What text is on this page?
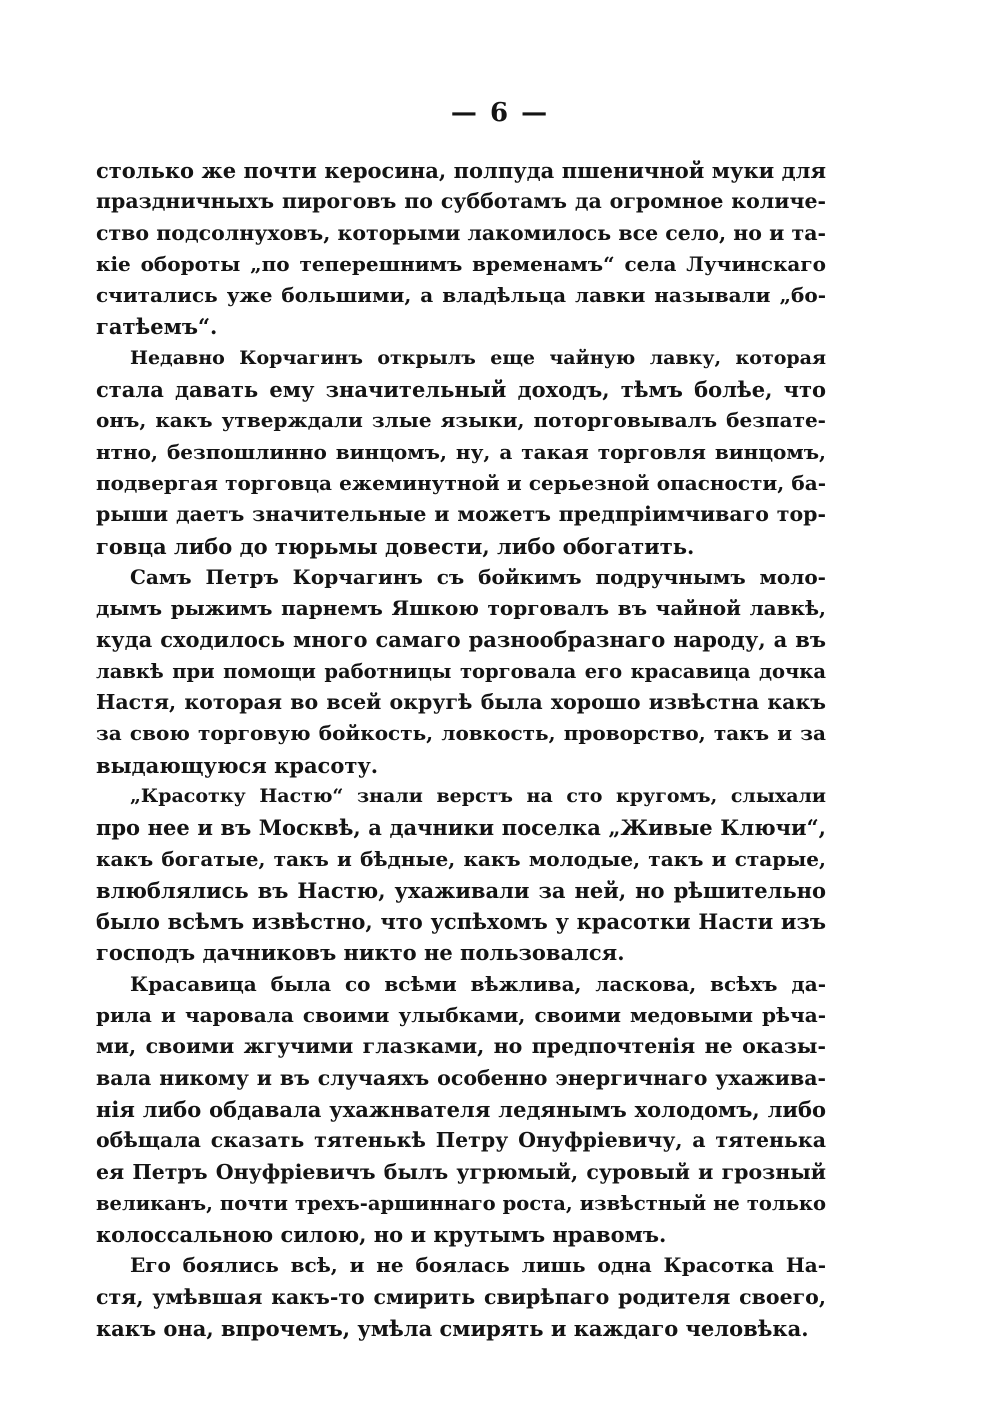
— 6 —
столько же почти керосина, полпуда пшеничной муки для
праздничныхъ пироговъ по субботамъ да огромное количе-
ство подсолнуховъ, которыми лакомилось все село, но и та-
кіе обороты „по теперешнимъ временамъ“ села Лучинскаго
считались уже большими, а владѣльца лавки называли „бо-
гатѣемъ“.
Недавно Корчагинъ открылъ еще чайную лавку, которая
стала давать ему значительный доходъ, тѣмъ болѣе, что
онъ, какъ утверждали злые языки, поторговывалъ безпате-
нтно, безпошлинно винцомъ, ну, а такая торговля винцомъ,
подвергая торговца ежеминутной и серьезной опасности, ба-
рыши даетъ значительные и можетъ предпріимчиваго тор-
говца либо до тюрьмы довести, либо обогатить.
Самъ Петръ Корчагинъ съ бойкимъ подручнымъ моло-
дымъ рыжимъ парнемъ Яшкою торговалъ въ чайной лавкѣ,
куда сходилось много самаго разнообразнаго народу, а въ
лавкѣ при помощи работницы торговала его красавица дочка
Настя, которая во всей округѣ была хорошо извѣстна какъ
за свою торговую бойкость, ловкость, проворство, такъ и за
выдающуюся красоту.
„Красотку Настю“ знали верстъ на сто кругомъ, слыхали
про нее и въ Москвѣ, а дачники поселка „Живые Ключи“,
какъ богатые, такъ и бѣдные, какъ молодые, такъ и старые,
влюблялись въ Настю, ухаживали за ней, но рѣшительно
было всѣмъ извѣстно, что успѣхомъ у красотки Насти изъ
господъ дачниковъ никто не пользовался.
Красавица была со всѣми вѣжлива, ласкова, всѣхъ да-
рила и чаровала своими улыбками, своими медовыми рѣча-
ми, своими жгучими глазками, но предпочтенія не оказы-
вала никому и въ случаяхъ особенно энергичнаго ухажива-
нія либо обдавала ухажнвателя ледянымъ холодомъ, либо
обѣщала сказать тятенькѣ Петру Онуфріевичу, а тятенька
ея Петръ Онуфріевичъ былъ угрюмый, суровый и грозный
великанъ, почти трехъ-аршиннаго роста, извѣстный не только
колоссальною силою, но и крутымъ нравомъ.
Его боялись всѣ, и не боялась лишь одна Красотка На-
стя, умѣвшая какъ-то смирить свирѣпаго родителя своего,
какъ она, впрочемъ, умѣла смирять и каждаго человѣка.
